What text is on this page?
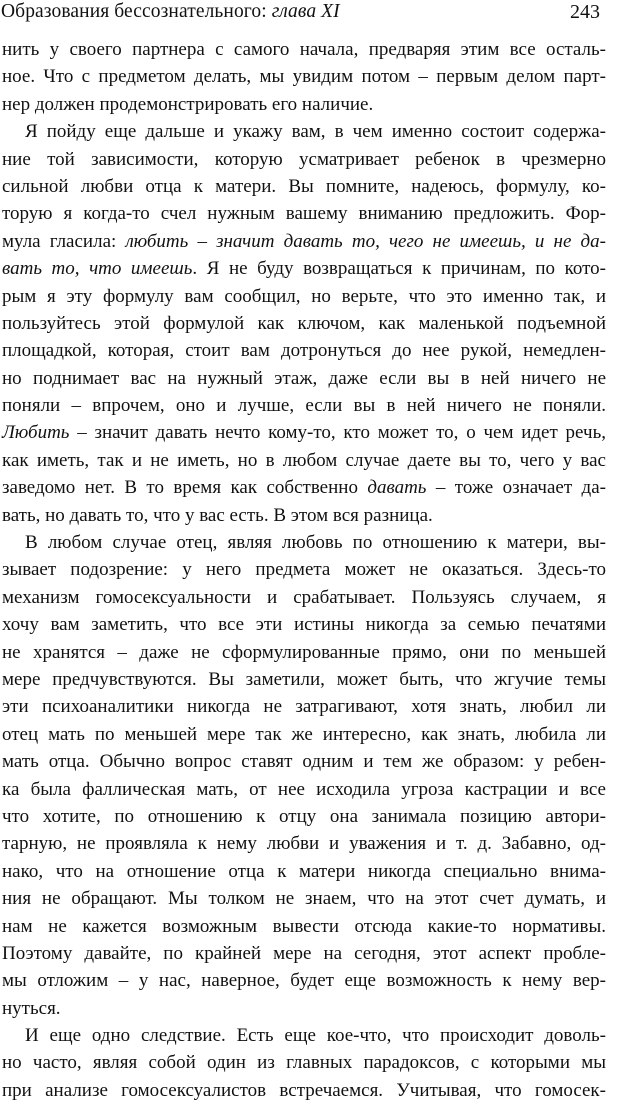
Образования бессознательного: глава XI	243
нить у своего партнера с самого начала, предваряя этим все осталь-
ное. Что с предметом делать, мы увидим потом – первым делом парт-
нер должен продемонстрировать его наличие.
Я пойду еще дальше и укажу вам, в чем именно состоит содержа-
ние той зависимости, которую усматривает ребенок в чрезмерно
сильной любви отца к матери. Вы помните, надеюсь, формулу, ко-
торую я когда-то счел нужным вашему вниманию предложить. Фор-
мула гласила: любить – значит давать то, чего не имеешь, и не да-
вать то, что имеешь. Я не буду возвращаться к причинам, по кото-
рым я эту формулу вам сообщил, но верьте, что это именно так, и
пользуйтесь этой формулой как ключом, как маленькой подъемной
площадкой, которая, стоит вам дотронуться до нее рукой, немедлен-
но поднимает вас на нужный этаж, даже если вы в ней ничего не
поняли – впрочем, оно и лучше, если вы в ней ничего не поняли.
Любить – значит давать нечто кому-то, кто может то, о чем идет речь,
как иметь, так и не иметь, но в любом случае даете вы то, чего у вас
заведомо нет. В то время как собственно давать – тоже означает да-
вать, но давать то, что у вас есть. В этом вся разница.
В любом случае отец, являя любовь по отношению к матери, вы-
зывает подозрение: у него предмета может не оказаться. Здесь-то
механизм гомосексуальности и срабатывает. Пользуясь случаем, я
хочу вам заметить, что все эти истины никогда за семью печатями
не хранятся – даже не сформулированные прямо, они по меньшей
мере предчувствуются. Вы заметили, может быть, что жгучие темы
эти психоаналитики никогда не затрагивают, хотя знать, любил ли
отец мать по меньшей мере так же интересно, как знать, любила ли
мать отца. Обычно вопрос ставят одним и тем же образом: у ребен-
ка была фаллическая мать, от нее исходила угроза кастрации и все
что хотите, по отношению к отцу она занимала позицию автори-
тарную, не проявляла к нему любви и уважения и т. д. Забавно, од-
нако, что на отношение отца к матери никогда специально внима-
ния не обращают. Мы толком не знаем, что на этот счет думать, и
нам не кажется возможным вывести отсюда какие-то нормативы.
Поэтому давайте, по крайней мере на сегодня, этот аспект пробле-
мы отложим – у нас, наверное, будет еще возможность к нему вер-
нуться.
И еще одно следствие. Есть еще кое-что, что происходит доволь-
но часто, являя собой один из главных парадоксов, с которыми мы
при анализе гомосексуалистов встречаемся. Учитывая, что гомосек-
